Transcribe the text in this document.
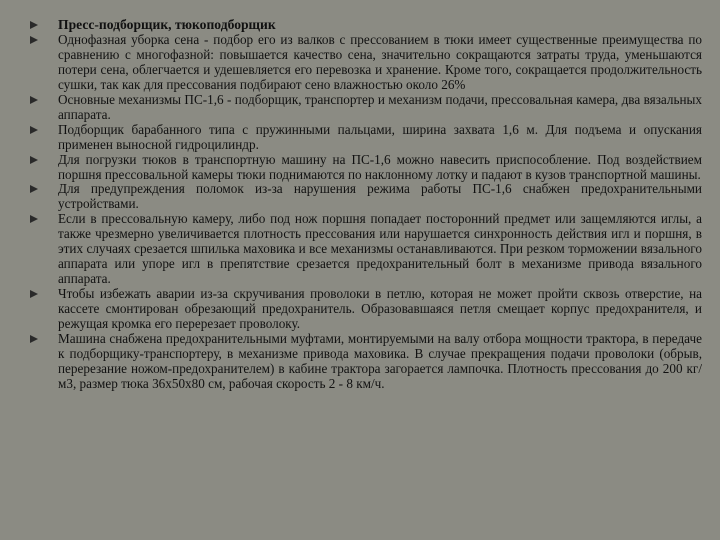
Пресс-подборщик, тюкоподборщик
Однофазная уборка сена - подбор его из валков с прессованием в тюки имеет существенные преимущества по сравнению с многофазной: повышается качество сена, значительно сокращаются затраты труда, уменьшаются потери сена, облегчается и удешевляется его перевозка и хранение. Кроме того, сокращается продолжительность сушки, так как для прессования подбирают сено влажностью около 26%
Основные механизмы ПС-1,6 - подборщик, транспортер и механизм подачи, прессовальная камера, два вязальных аппарата.
Подборщик барабанного типа с пружинными пальцами, ширина захвата 1,6 м. Для подъема и опускания применен выносной гидроцилиндр.
Для погрузки тюков в транспортную машину на ПС-1,6 можно навесить приспособление. Под воздействием поршня прессовальной камеры тюки поднимаются по наклонному лотку и падают в кузов транспортной машины.
Для предупреждения поломок из-за нарушения режима работы ПС-1,6 снабжен предохранительными устройствами.
Если в прессовальную камеру, либо под нож поршня попадает посторонний предмет или защемляются иглы, а также чрезмерно увеличивается плотность прессования или нарушается синхронность действия игл и поршня, в этих случаях срезается шпилька маховика и все механизмы останавливаются. При резком торможении вязального аппарата или упоре игл в препятствие срезается предохранительный болт в механизме привода вязального аппарата.
Чтобы избежать аварии из-за скручивания проволоки в петлю, которая не может пройти сквозь отверстие, на кассете смонтирован обрезающий предохранитель. Образовавшаяся петля смещает корпус предохранителя, и режущая кромка его перерезает проволоку.
Машина снабжена предохранительными муфтами, монтируемыми на валу отбора мощности трактора, в передаче к подборщику-транспортеру, в механизме привода маховика. В случае прекращения подачи проволоки (обрыв, перерезание ножом-предохранителем) в кабине трактора загорается лампочка. Плотность прессования до 200 кг/м3, размер тюка 36х50х80 см, рабочая скорость 2 - 8 км/ч.
